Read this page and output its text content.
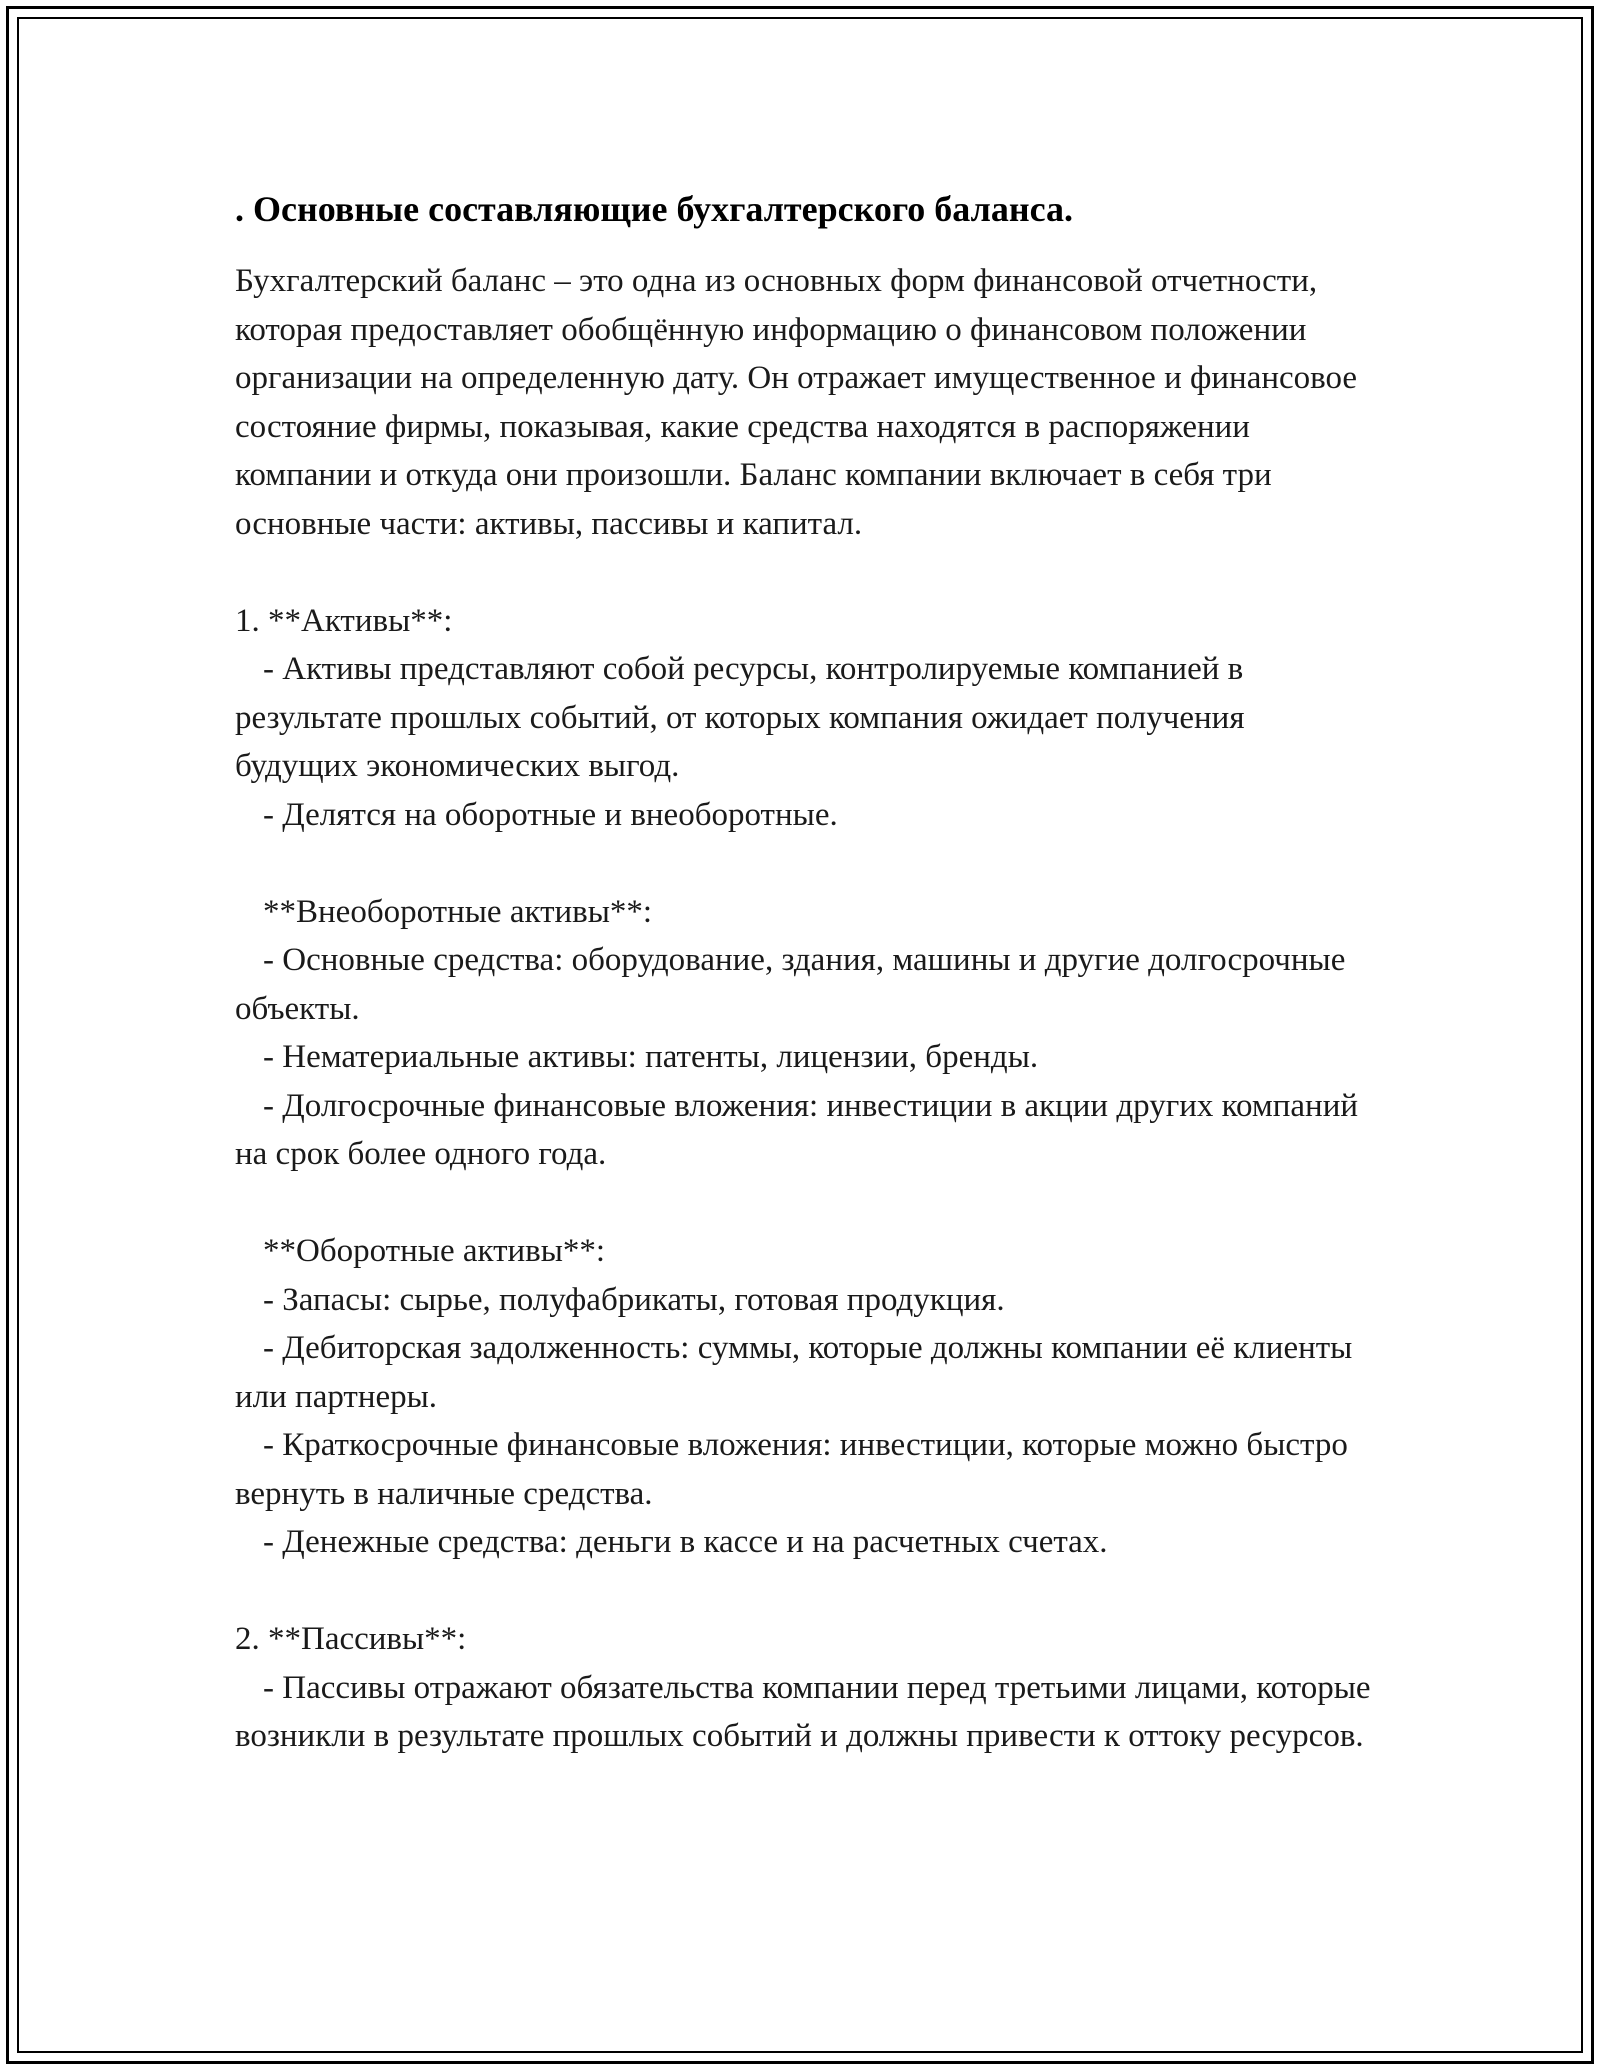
. Основные составляющие бухгалтерского баланса.

Бухгалтерский баланс – это одна из основных форм финансовой отчетности, которая предоставляет обобщённую информацию о финансовом положении организации на определенную дату. Он отражает имущественное и финансовое состояние фирмы, показывая, какие средства находятся в распоряжении компании и откуда они произошли. Баланс компании включает в себя три основные части: активы, пассивы и капитал.

1. **Активы**:

- Активы представляют собой ресурсы, контролируемые компанией в результате прошлых событий, от которых компания ожидает получения будущих экономических выгод.

- Делятся на оборотные и внеоборотные.

**Внеоборотные активы**:

- Основные средства: оборудование, здания, машины и другие долгосрочные объекты.

- Нематериальные активы: патенты, лицензии, бренды.

- Долгосрочные финансовые вложения: инвестиции в акции других компаний на срок более одного года.

**Оборотные активы**:

- Запасы: сырье, полуфабрикаты, готовая продукция.

- Дебиторская задолженность: суммы, которые должны компании её клиенты или партнеры.

- Краткосрочные финансовые вложения: инвестиции, которые можно быстро вернуть в наличные средства.

- Денежные средства: деньги в кассе и на расчетных счетах.

2. **Пассивы**:

- Пассивы отражают обязательства компании перед третьими лицами, которые возникли в результате прошлых событий и должны привести к оттоку ресурсов.
